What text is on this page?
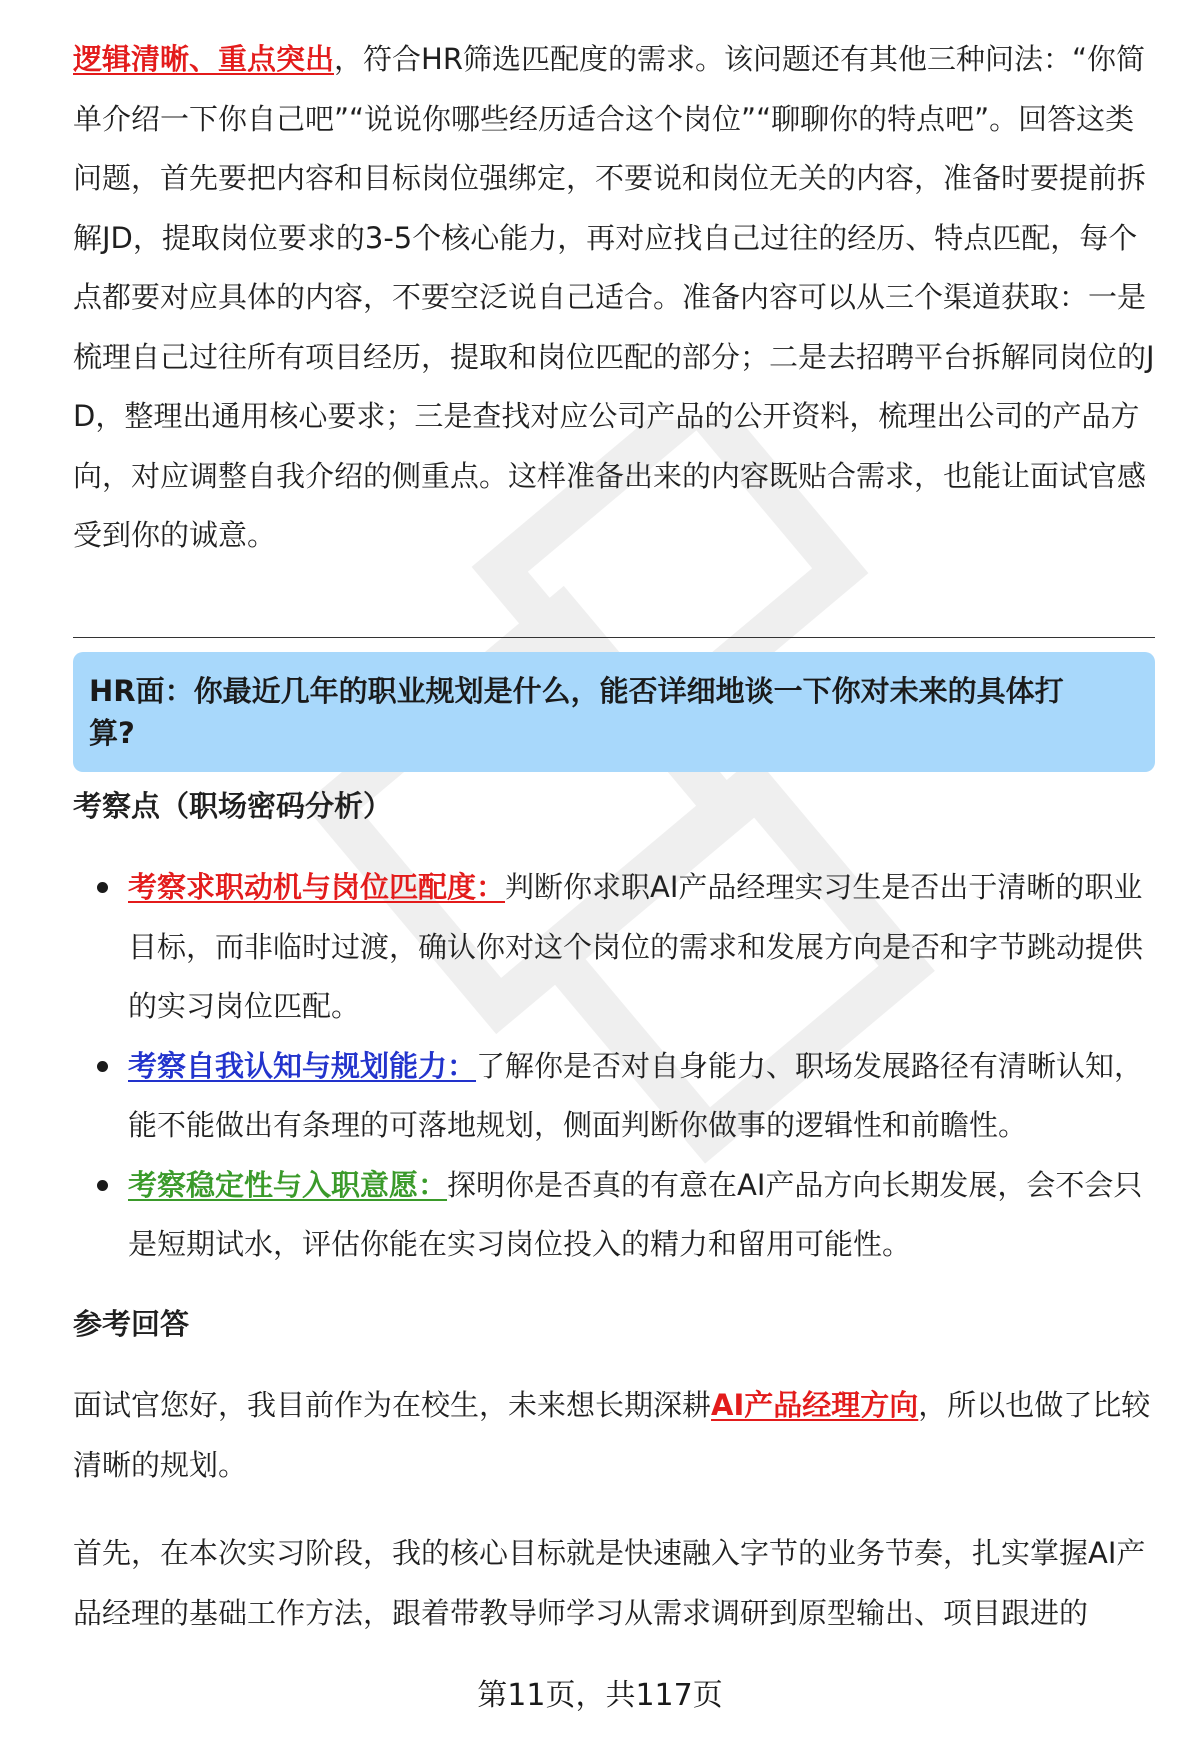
逻辑清晰、重点突出，符合HR筛选匹配度的需求。该问题还有其他三种问法：“你简单介绍一下你自己吧”“说说你哪些经历适合这个岗位”“聊聊你的特点吧”。回答这类问题，首先要把内容和目标岗位强绑定，不要说和岗位无关的内容，准备时要提前拆解JD，提取岗位要求的3-5个核心能力，再对应找自己过往的经历、特点匹配，每个点都要对应具体的内容，不要空泛说自己适合。准备内容可以从三个渠道获取：一是梳理自己过往所有项目经历，提取和岗位匹配的部分；二是去招聘平台拆解同岗位的JD，整理出通用核心要求；三是查找对应公司产品的公开资料，梳理出公司的产品方向，对应调整自我介绍的侧重点。这样准备出来的内容既贴合需求，也能让面试官感受到你的诚意。

HR面：你最近几年的职业规划是什么，能否详细地谈一下你对未来的具体打算?
考察点（职场密码分析）
考察求职动机与岗位匹配度：判断你求职AI产品经理实习生是否出于清晰的职业目标，而非临时过渡，确认你对这个岗位的需求和发展方向是否和字节跳动提供的实习岗位匹配。
考察自我认知与规划能力：了解你是否对自身能力、职场发展路径有清晰认知，能不能做出有条理的可落地规划，侧面判断你做事的逻辑性和前瞻性。
考察稳定性与入职意愿：探明你是否真的有意在AI产品方向长期发展，会不会只是短期试水，评估你能在实习岗位投入的精力和留用可能性。
参考回答

面试官您好，我目前作为在校生，未来想长期深耕AI产品经理方向，所以也做了比较清晰的规划。

首先，在本次实习阶段，我的核心目标就是快速融入字节的业务节奏，扎实掌握AI产品经理的基础工作方法，跟着带教导师学习从需求调研到原型输出、项目跟进的

第11页，共117页
